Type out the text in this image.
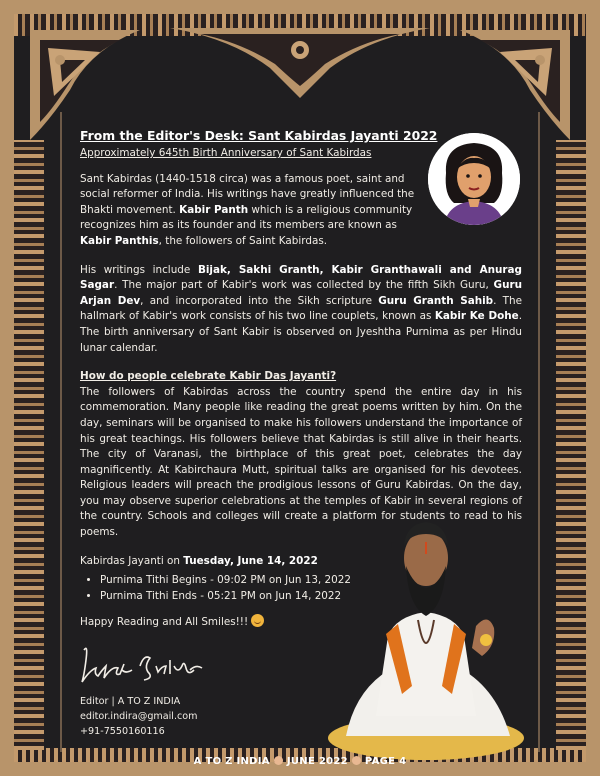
From the Editor's Desk: Sant Kabirdas Jayanti 2022
Approximately 645th Birth Anniversary of Sant Kabirdas

Sant Kabirdas (1440-1518 circa) was a famous poet, saint and social reformer of India. His writings have greatly influenced the Bhakti movement. Kabir Panth which is a religious community recognizes him as its founder and its members are known as Kabir Panthis, the followers of Saint Kabirdas.

His writings include Bijak, Sakhi Granth, Kabir Granthawali and Anurag Sagar. The major part of Kabir's work was collected by the fifth Sikh Guru, Guru Arjan Dev, and incorporated into the Sikh scripture Guru Granth Sahib. The hallmark of Kabir's work consists of his two line couplets, known as Kabir Ke Dohe. The birth anniversary of Sant Kabir is observed on Jyeshtha Purnima as per Hindu lunar calendar.

How do people celebrate Kabir Das Jayanti?

The followers of Kabirdas across the country spend the entire day in his commemoration. Many people like reading the great poems written by him. On the day, seminars will be organised to make his followers understand the importance of his great teachings. His followers believe that Kabirdas is still alive in their hearts. The city of Varanasi, the birthplace of this great poet, celebrates the day magnificently. At Kabirchaura Mutt, spiritual talks are organised for his devotees. Religious leaders will preach the prodigious lessons of Guru Kabirdas. On the day, you may observe superior celebrations at the temples of Kabir in several regions of the country. Schools and colleges will create a platform for students to read to his poems.

Kabirdas Jayanti on Tuesday, June 14, 2022
• Purnima Tithi Begins - 09:02 PM on Jun 13, 2022
• Purnima Tithi Ends - 05:21 PM on Jun 14, 2022
Happy Reading and All Smiles!!!
Editor | A TO Z INDIA
editor.indira@gmail.com
+91-7550160116
A TO Z INDIA JUNE 2022 PAGE 4
